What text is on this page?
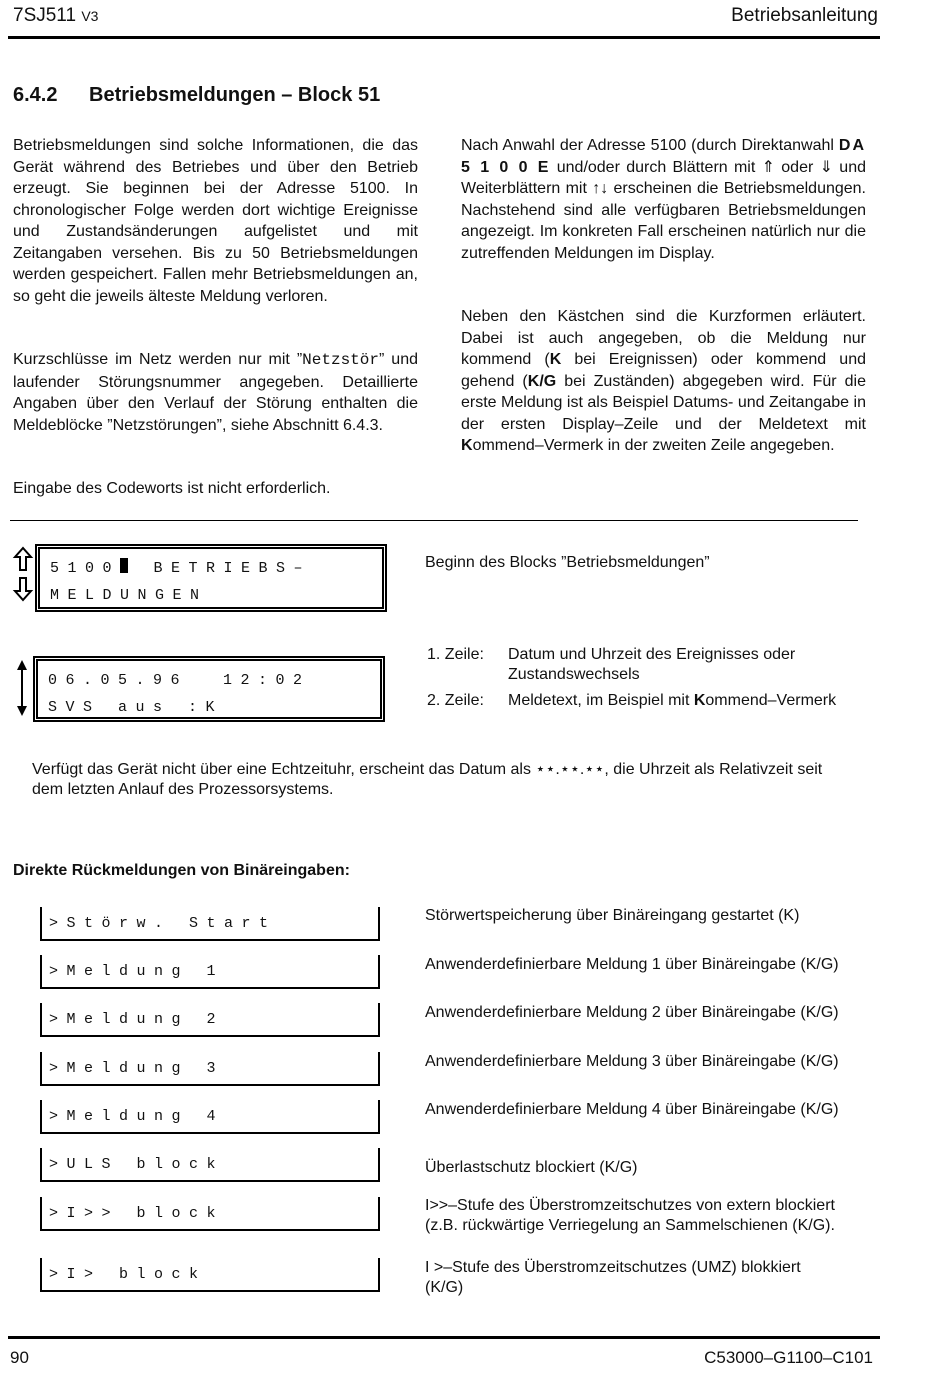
7SJ511 V3	Betriebsanleitung
6.4.2 Betriebsmeldungen – Block 51
Betriebsmeldungen sind solche Informationen, die das Gerät während des Betriebes und über den Betrieb erzeugt. Sie beginnen bei der Adresse 5100. In chronologischer Folge werden dort wichtige Ereignisse und Zustandsänderungen aufgelistet und mit Zeitangaben versehen. Bis zu 50 Betriebsmeldungen werden gespeichert. Fallen mehr Betriebsmeldungen an, so geht die jeweils älteste Meldung verloren.
Kurzschlüsse im Netz werden nur mit ”Netzstör” und laufender Störungsnummer angegeben. Detaillierte Angaben über den Verlauf der Störung enthalten die Meldeblöcke ”Netzstörungen”, siehe Abschnitt 6.4.3.
Eingabe des Codeworts ist nicht erforderlich.
Nach Anwahl der Adresse 5100 (durch Direktanwahl DA 5 1 0 0 E und/oder durch Blättern mit ⇑ oder ⇓ und Weiterblättern mit ↑↓ erscheinen die Betriebsmeldungen. Nachstehend sind alle verfügbaren Betriebsmeldungen angezeigt. Im konkreten Fall erscheinen natürlich nur die zutreffenden Meldungen im Display.
Neben den Kästchen sind die Kurzformen erläutert. Dabei ist auch angegeben, ob die Meldung nur kommend (K bei Ereignissen) oder kommend und gehend (K/G bei Zuständen) abgegeben wird. Für die erste Meldung ist als Beispiel Datums- und Zeitangabe in der ersten Display–Zeile und der Meldetext mit Kommend–Vermerk in der zweiten Zeile angegeben.
5100 BETRIEBS–
MELDUNGEN
Beginn des Blocks ”Betriebsmeldungen”
06.05.96  12:02
SVS aus :K
1. Zeile: Datum und Uhrzeit des Ereignisses oder Zustandswechsels
2. Zeile: Meldetext, im Beispiel mit Kommend–Vermerk
Verfügt das Gerät nicht über eine Echtzeituhr, erscheint das Datum als ⋆⋆.⋆⋆.⋆⋆, die Uhrzeit als Relativzeit seit dem letzten Anlauf des Prozessorsystems.
Direkte Rückmeldungen von Binäreingaben:
>Störw. Start	Störwertspeicherung über Binäreingang gestartet (K)
>Meldung 1	Anwenderdefinierbare Meldung 1 über Binäreingabe (K/G)
>Meldung 2	Anwenderdefinierbare Meldung 2 über Binäreingabe (K/G)
>Meldung 3	Anwenderdefinierbare Meldung 3 über Binäreingabe (K/G)
>Meldung 4	Anwenderdefinierbare Meldung 4 über Binäreingabe (K/G)
>ULS block	Überlastschutz blockiert (K/G)
>I>> block	I>>–Stufe des Überstromzeitschutzes von extern blockiert (z.B. rückwärtige Verriegelung an Sammelschienen (K/G).
>I> block	I >–Stufe des Überstromzeitschutzes (UMZ) blokkiert (K/G)
90	C53000–G1100–C101
